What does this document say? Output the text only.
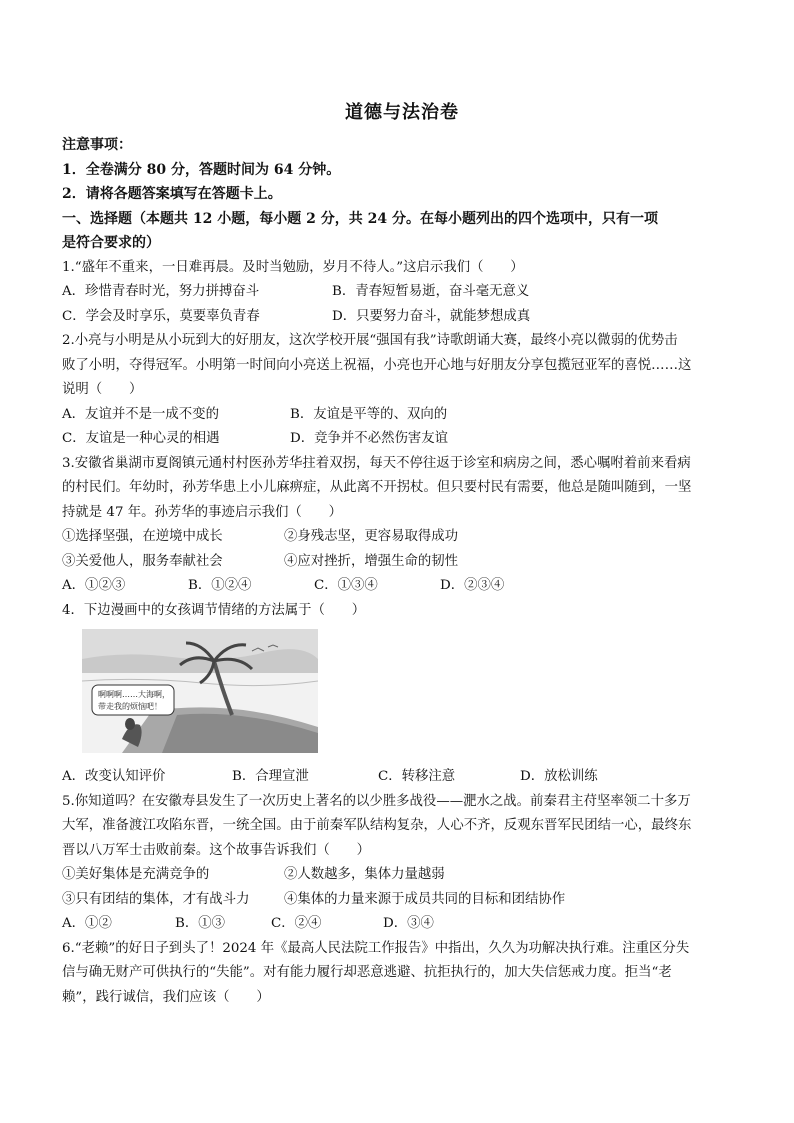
道德与法治卷
注意事项：
1．全卷满分 80 分，答题时间为 64 分钟。
2．请将各题答案填写在答题卡上。
一、选择题（本题共 12 小题，每小题 2 分，共 24 分。在每小题列出的四个选项中，只有一项
是符合要求的）
1.“盛年不重来，一日难再晨。及时当勉励，岁月不待人。”这启示我们（　　）
A．珍惜青春时光，努力拼搏奋斗	B．青春短暂易逝，奋斗毫无意义
C．学会及时享乐，莫要辜负青春	D．只要努力奋斗，就能梦想成真
2.小亮与小明是从小玩到大的好朋友，这次学校开展“强国有我”诗歌朗诵大赛，最终小亮以微弱的优势击
败了小明，夺得冠军。小明第一时间向小亮送上祝福，小亮也开心地与好朋友分享包揽冠亚军的喜悦……这
说明（　　）
A．友谊并不是一成不变的	B．友谊是平等的、双向的
C．友谊是一种心灵的相遇	D．竞争并不必然伤害友谊
3.安徽省巢湖市夏阁镇元通村村医孙芳华拄着双拐，每天不停往返于诊室和病房之间，悉心嘱咐着前来看病
的村民们。年幼时，孙芳华患上小儿麻痹症，从此离不开拐杖。但只要村民有需要，他总是随叫随到，一坚
持就是 47 年。孙芳华的事迹启示我们（　　）
①选择坚强，在逆境中成长	②身残志坚，更容易取得成功
③关爱他人，服务奉献社会	④应对挫折，增强生命的韧性
A．①②③	B．①②④	C．①③④	D．②③④
4．下边漫画中的女孩调节情绪的方法属于（　　）
啊啊啊……大海啊，
带走我的烦恼吧！
A．改变认知评价	B．合理宣泄	C．转移注意	D．放松训练
5.你知道吗？在安徽寿县发生了一次历史上著名的以少胜多战役——淝水之战。前秦君主苻坚率领二十多万
大军，准备渡江攻陷东晋，一统全国。由于前秦军队结构复杂，人心不齐，反观东晋军民团结一心，最终东
晋以八万军士击败前秦。这个故事告诉我们（　　）
①美好集体是充满竞争的	②人数越多，集体力量越弱
③只有团结的集体，才有战斗力	④集体的力量来源于成员共同的目标和团结协作
A．①②	B．①③	C．②④	D．③④
6.“老赖”的好日子到头了！2024 年《最高人民法院工作报告》中指出，久久为功解决执行难。注重区分失
信与确无财产可供执行的“失能”。对有能力履行却恶意逃避、抗拒执行的，加大失信惩戒力度。拒当“老
赖”，践行诚信，我们应该（　　）
